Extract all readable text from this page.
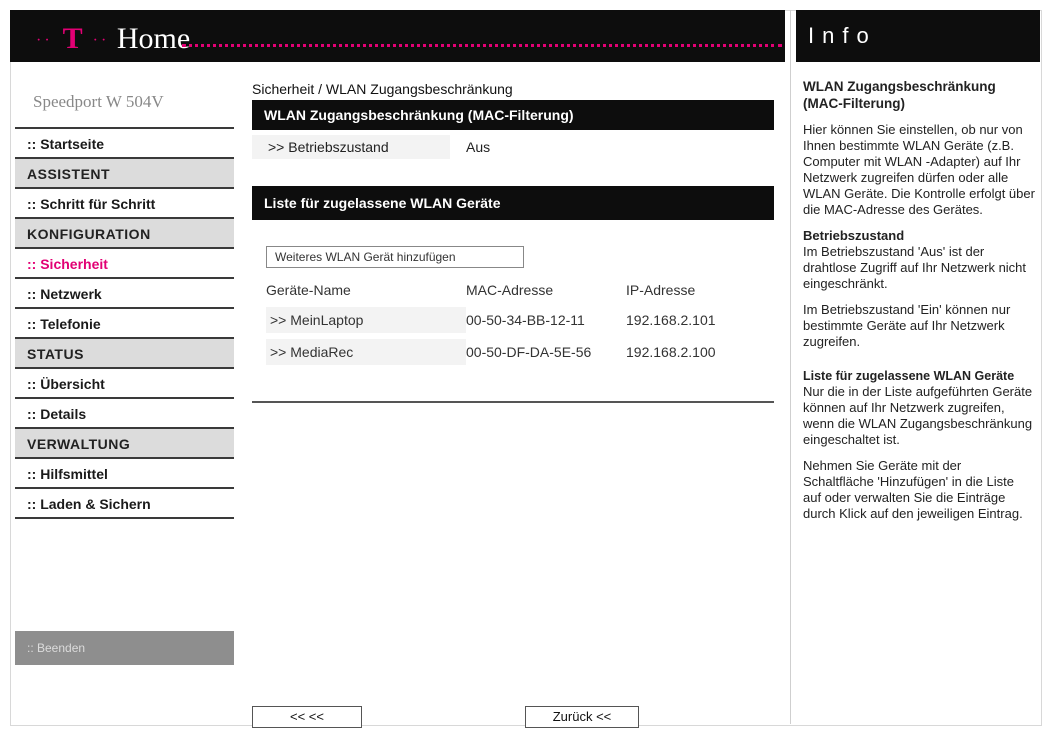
·· T ·· Home	Info
WLAN Zugangsbeschränkung (MAC-Filterung)

Hier können Sie einstellen, ob nur von Ihnen bestimmte WLAN Geräte (z.B. Computer mit WLAN -Adapter) auf Ihr Netzwerk zugreifen dürfen oder alle WLAN Geräte. Die Kontrolle erfolgt über die MAC-Adresse des Gerätes.

Betriebszustand

Im Betriebszustand 'Aus' ist der drahtlose Zugriff auf Ihr Netzwerk nicht eingeschränkt.

Im Betriebszustand 'Ein' können nur bestimmte Geräte auf Ihr Netzwerk zugreifen.

Liste für zugelassene WLAN Geräte

Nur die in der Liste aufgeführten Geräte können auf Ihr Netzwerk zugreifen, wenn die WLAN Zugangsbeschränkung eingeschaltet ist.

Nehmen Sie Geräte mit der Schaltfläche 'Hinzufügen' in die Liste auf oder verwalten Sie die Einträge durch Klick auf den jeweiligen Eintrag.

Speedport W 504V
:: Startseite
ASSISTENT
:: Schritt für Schritt
KONFIGURATION
:: Sicherheit
:: Netzwerk
:: Telefonie
STATUS
:: Übersicht
:: Details
VERWALTUNG
:: Hilfsmittel
:: Laden & Sichern
:: Beenden
Sicherheit / WLAN Zugangsbeschränkung
WLAN Zugangsbeschränkung (MAC-Filterung)
>> Betriebszustand	Aus
Liste für zugelassene WLAN Geräte
Weiteres WLAN Gerät hinzufügen
Geräte-Name	MAC-Adresse	IP-Adresse
>> MeinLaptop	00-50-34-BB-12-11	192.168.2.101
>> MediaRec	00-50-DF-DA-5E-56	192.168.2.100
<< <<	Zurück <<
